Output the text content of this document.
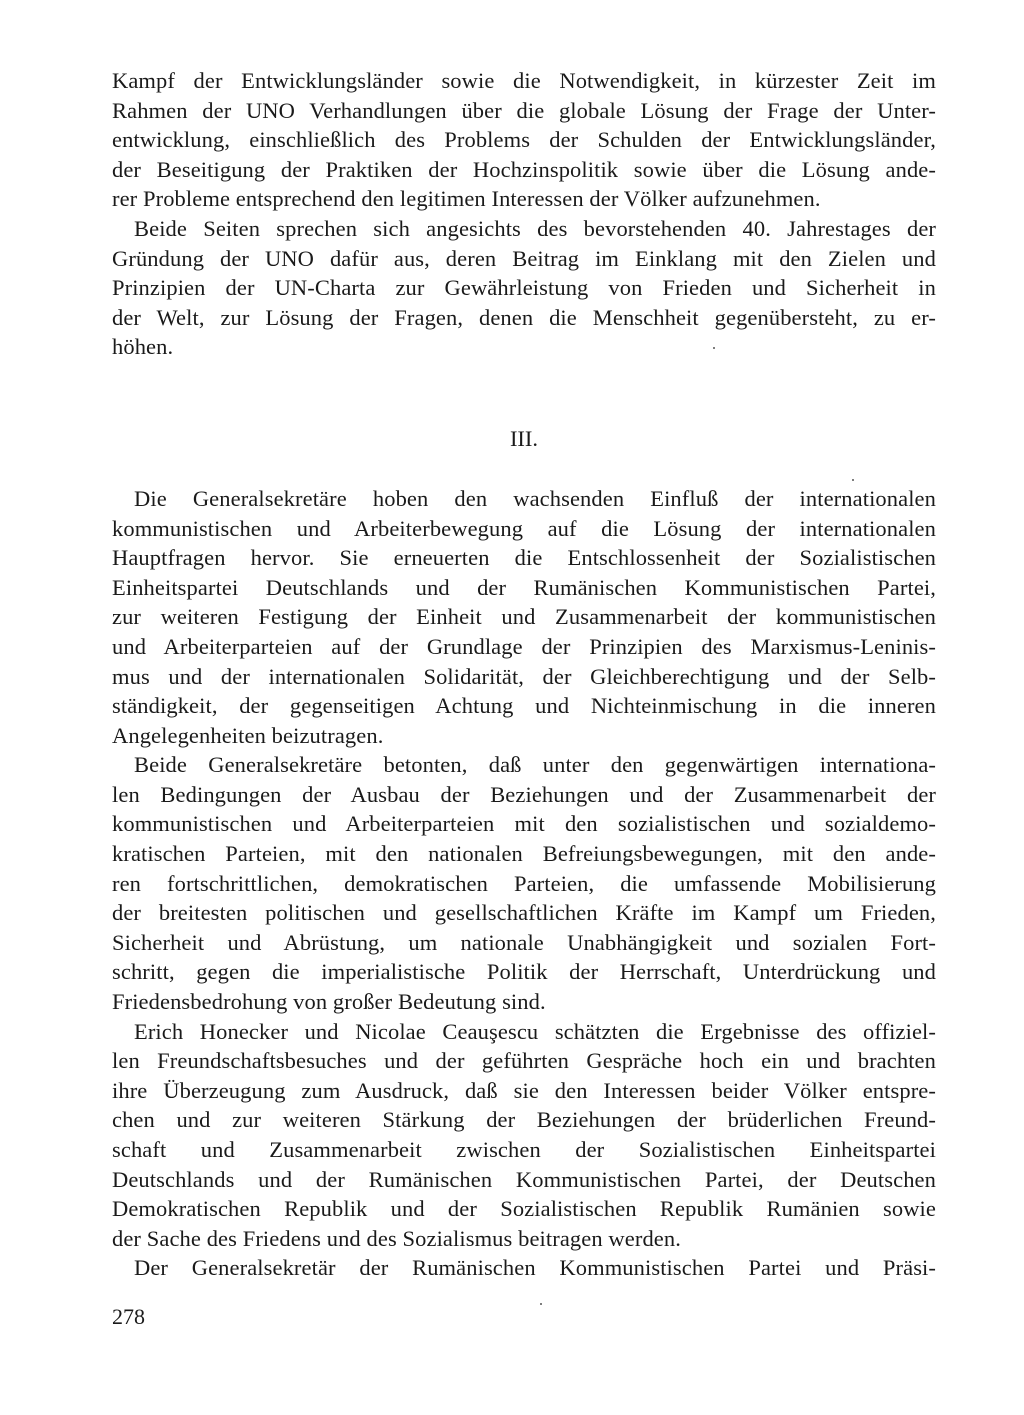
Kampf der Entwicklungsländer sowie die Notwendigkeit, in kürzester Zeit im
Rahmen der UNO Verhandlungen über die globale Lösung der Frage der Unter-
entwicklung, einschließlich des Problems der Schulden der Entwicklungsländer,
der Beseitigung der Praktiken der Hochzinspolitik sowie über die Lösung ande-
rer Probleme entsprechend den legitimen Interessen der Völker aufzunehmen.
Beide Seiten sprechen sich angesichts des bevorstehenden 40. Jahrestages der
Gründung der UNO dafür aus, deren Beitrag im Einklang mit den Zielen und
Prinzipien der UN-Charta zur Gewährleistung von Frieden und Sicherheit in
der Welt, zur Lösung der Fragen, denen die Menschheit gegenübersteht, zu er-
höhen.
III.
Die Generalsekretäre hoben den wachsenden Einfluß der internationalen
kommunistischen und Arbeiterbewegung auf die Lösung der internationalen
Hauptfragen hervor. Sie erneuerten die Entschlossenheit der Sozialistischen
Einheitspartei Deutschlands und der Rumänischen Kommunistischen Partei,
zur weiteren Festigung der Einheit und Zusammenarbeit der kommunistischen
und Arbeiterparteien auf der Grundlage der Prinzipien des Marxismus-Leninis-
mus und der internationalen Solidarität, der Gleichberechtigung und der Selb-
ständigkeit, der gegenseitigen Achtung und Nichteinmischung in die inneren
Angelegenheiten beizutragen.
Beide Generalsekretäre betonten, daß unter den gegenwärtigen internationa-
len Bedingungen der Ausbau der Beziehungen und der Zusammenarbeit der
kommunistischen und Arbeiterparteien mit den sozialistischen und sozialdemo-
kratischen Parteien, mit den nationalen Befreiungsbewegungen, mit den ande-
ren fortschrittlichen, demokratischen Parteien, die umfassende Mobilisierung
der breitesten politischen und gesellschaftlichen Kräfte im Kampf um Frieden,
Sicherheit und Abrüstung, um nationale Unabhängigkeit und sozialen Fort-
schritt, gegen die imperialistische Politik der Herrschaft, Unterdrückung und
Friedensbedrohung von großer Bedeutung sind.
Erich Honecker und Nicolae Ceauşescu schätzten die Ergebnisse des offiziel-
len Freundschaftsbesuches und der geführten Gespräche hoch ein und brachten
ihre Überzeugung zum Ausdruck, daß sie den Interessen beider Völker entspre-
chen und zur weiteren Stärkung der Beziehungen der brüderlichen Freund-
schaft und Zusammenarbeit zwischen der Sozialistischen Einheitspartei
Deutschlands und der Rumänischen Kommunistischen Partei, der Deutschen
Demokratischen Republik und der Sozialistischen Republik Rumänien sowie
der Sache des Friedens und des Sozialismus beitragen werden.
Der Generalsekretär der Rumänischen Kommunistischen Partei und Präsi-
278
